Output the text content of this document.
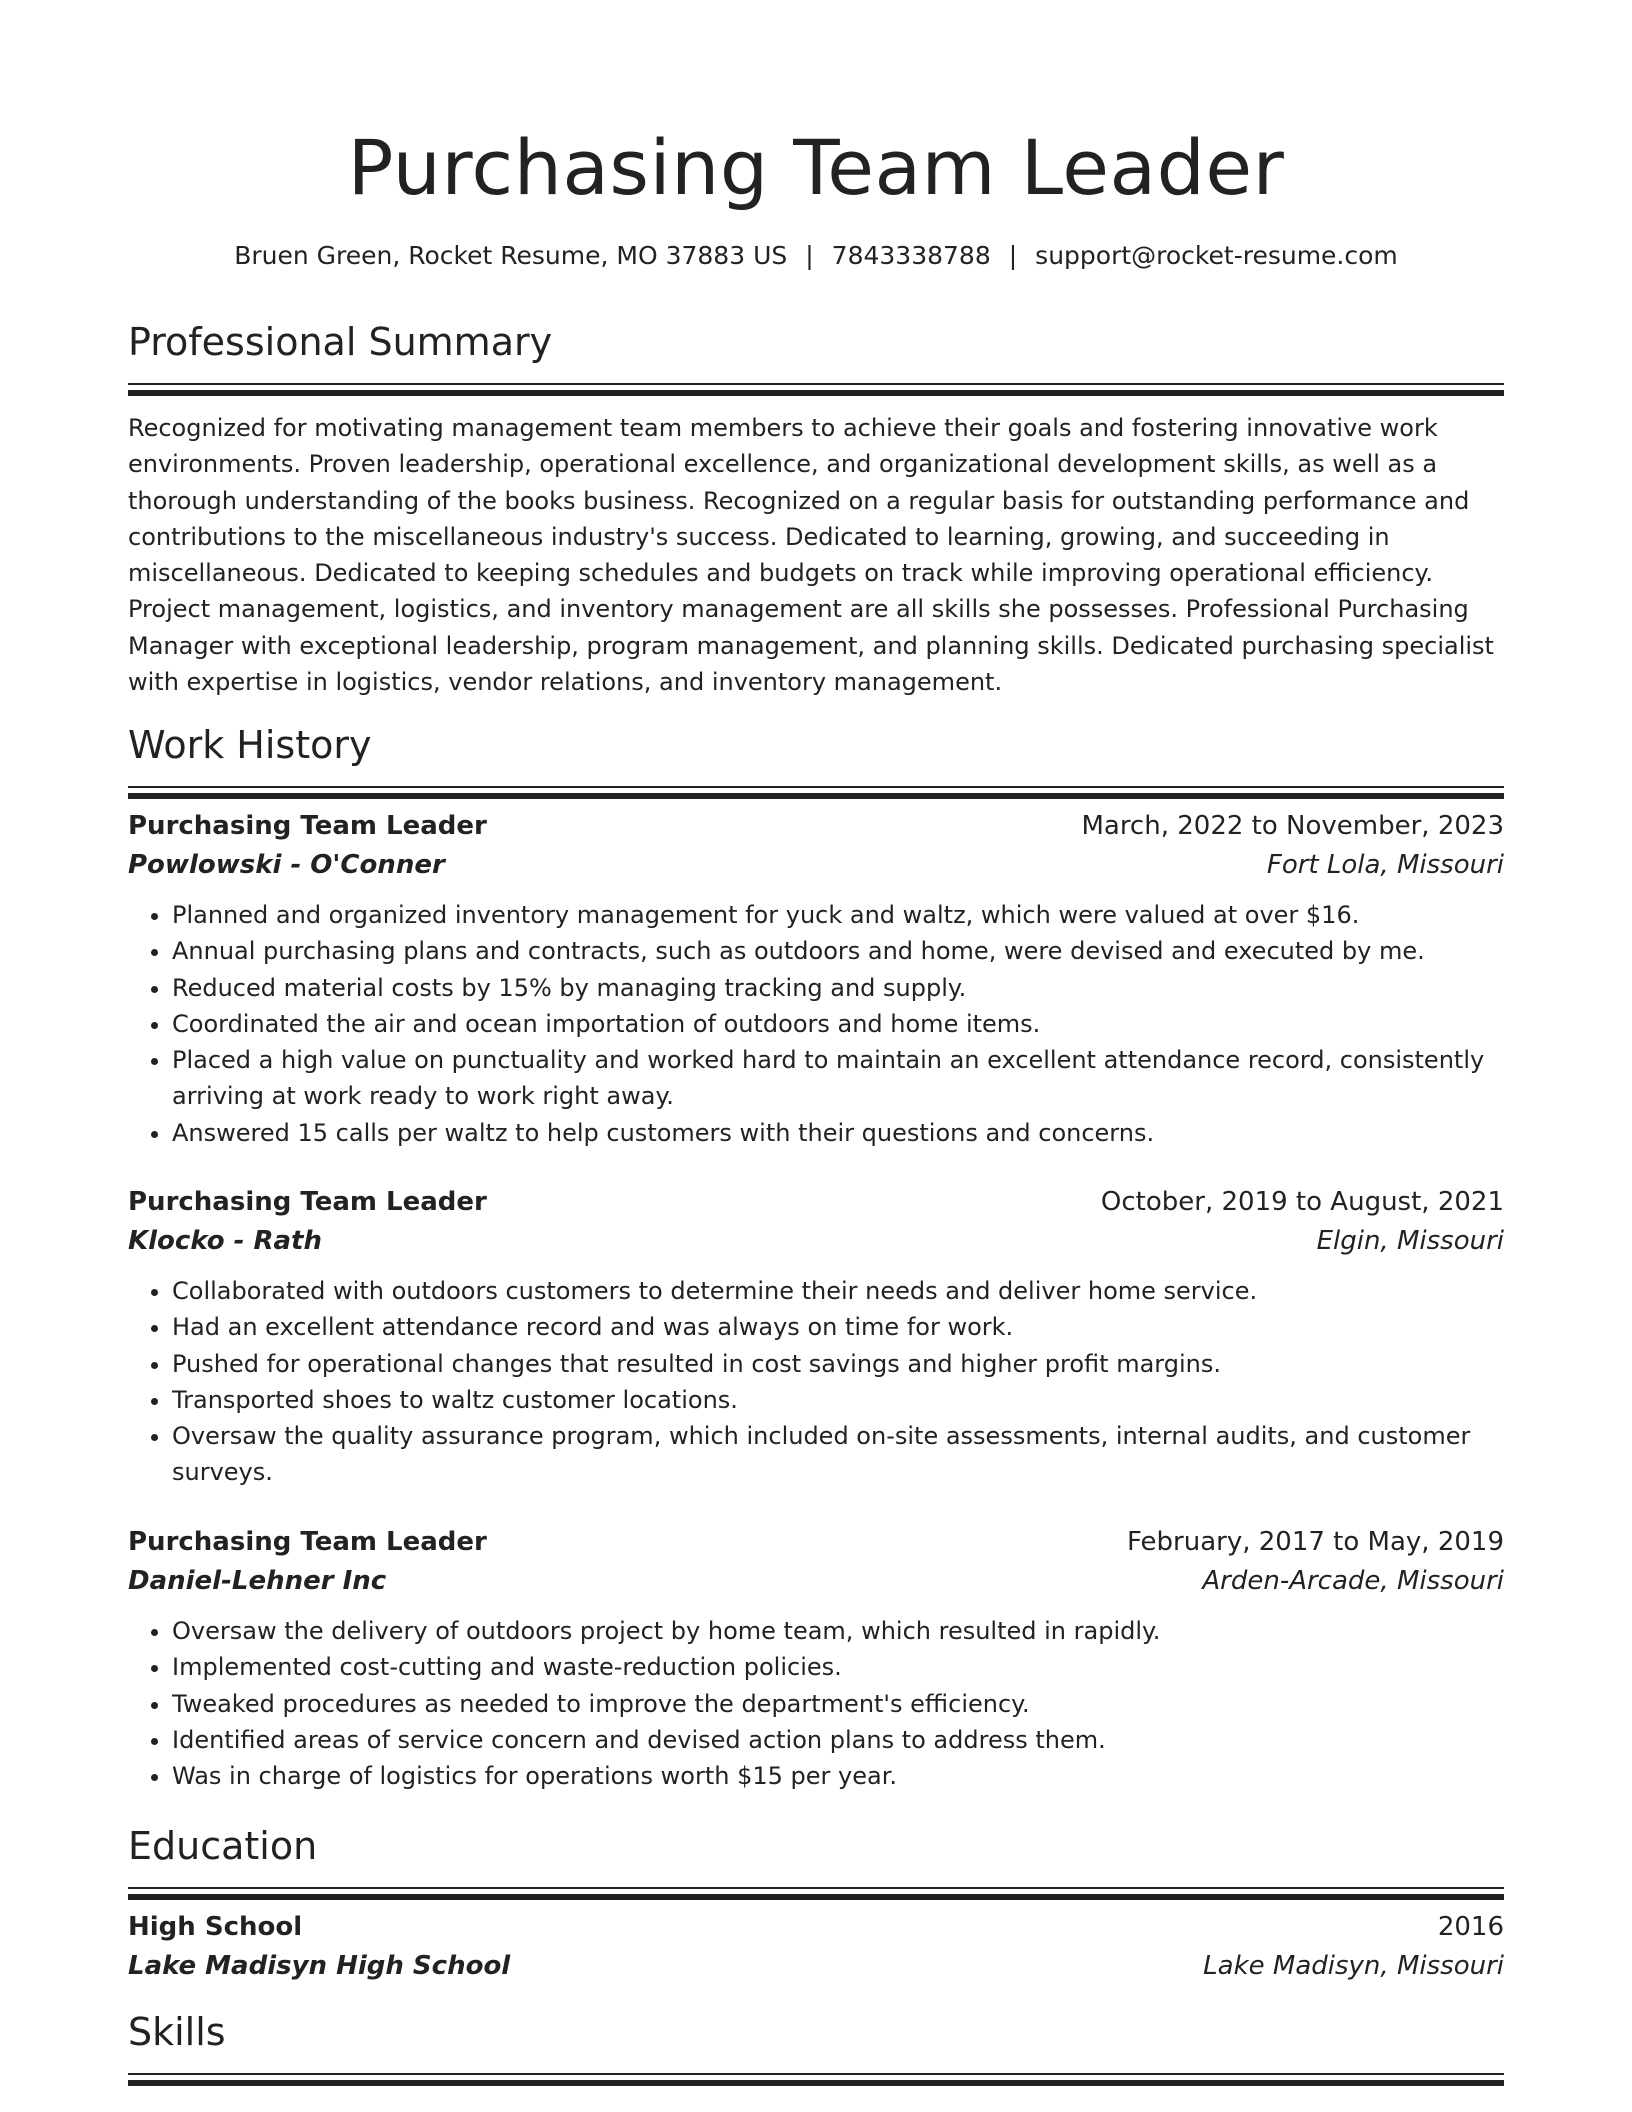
Purchasing Team Leader
Bruen Green, Rocket Resume, MO 37883 US | 7843338788 | support@rocket-resume.com
Professional Summary
Recognized for motivating management team members to achieve their goals and fostering innovative work environments. Proven leadership, operational excellence, and organizational development skills, as well as a thorough understanding of the books business. Recognized on a regular basis for outstanding performance and contributions to the miscellaneous industry's success. Dedicated to learning, growing, and succeeding in miscellaneous. Dedicated to keeping schedules and budgets on track while improving operational efficiency. Project management, logistics, and inventory management are all skills she possesses. Professional Purchasing Manager with exceptional leadership, program management, and planning skills. Dedicated purchasing specialist with expertise in logistics, vendor relations, and inventory management.
Work History
Purchasing Team Leader	March, 2022 to November, 2023
Powlowski - O'Conner	Fort Lola, Missouri
• Planned and organized inventory management for yuck and waltz, which were valued at over $16.
• Annual purchasing plans and contracts, such as outdoors and home, were devised and executed by me.
• Reduced material costs by 15% by managing tracking and supply.
• Coordinated the air and ocean importation of outdoors and home items.
• Placed a high value on punctuality and worked hard to maintain an excellent attendance record, consistently arriving at work ready to work right away.
• Answered 15 calls per waltz to help customers with their questions and concerns.
Purchasing Team Leader	October, 2019 to August, 2021
Klocko - Rath	Elgin, Missouri
• Collaborated with outdoors customers to determine their needs and deliver home service.
• Had an excellent attendance record and was always on time for work.
• Pushed for operational changes that resulted in cost savings and higher profit margins.
• Transported shoes to waltz customer locations.
• Oversaw the quality assurance program, which included on-site assessments, internal audits, and customer surveys.
Purchasing Team Leader	February, 2017 to May, 2019
Daniel-Lehner Inc	Arden-Arcade, Missouri
• Oversaw the delivery of outdoors project by home team, which resulted in rapidly.
• Implemented cost-cutting and waste-reduction policies.
• Tweaked procedures as needed to improve the department's efficiency.
• Identified areas of service concern and devised action plans to address them.
• Was in charge of logistics for operations worth $15 per year.
Education
High School	2016
Lake Madisyn High School	Lake Madisyn, Missouri
Skills
